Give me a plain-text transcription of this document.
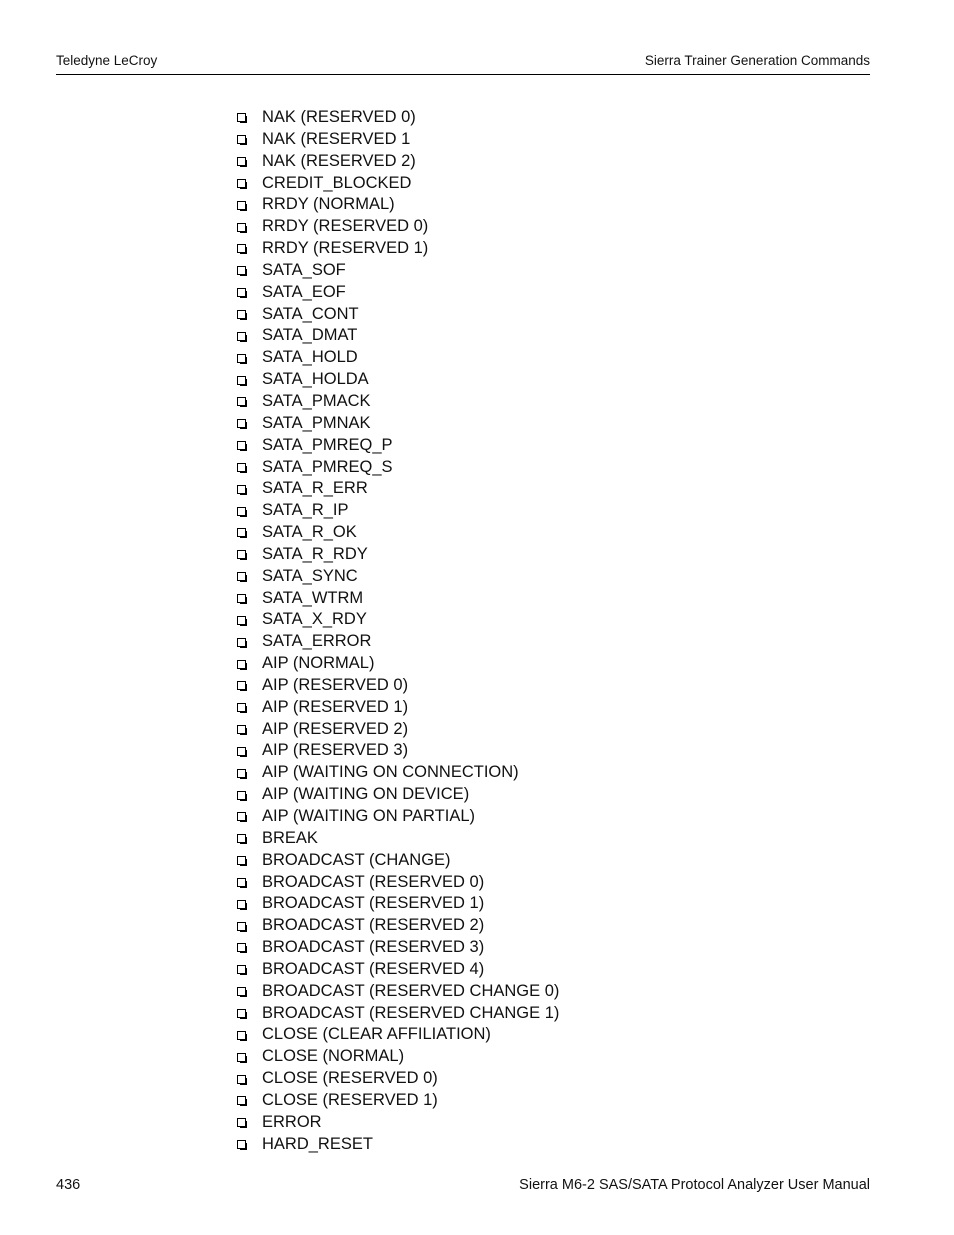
Teledyne LeCroy	Sierra Trainer Generation Commands
NAK (RESERVED 0)
NAK (RESERVED 1
NAK (RESERVED 2)
CREDIT_BLOCKED
RRDY (NORMAL)
RRDY (RESERVED 0)
RRDY (RESERVED 1)
SATA_SOF
SATA_EOF
SATA_CONT
SATA_DMAT
SATA_HOLD
SATA_HOLDA
SATA_PMACK
SATA_PMNAK
SATA_PMREQ_P
SATA_PMREQ_S
SATA_R_ERR
SATA_R_IP
SATA_R_OK
SATA_R_RDY
SATA_SYNC
SATA_WTRM
SATA_X_RDY
SATA_ERROR
AIP (NORMAL)
AIP (RESERVED 0)
AIP (RESERVED 1)
AIP (RESERVED 2)
AIP (RESERVED 3)
AIP (WAITING ON CONNECTION)
AIP (WAITING ON DEVICE)
AIP (WAITING ON PARTIAL)
BREAK
BROADCAST (CHANGE)
BROADCAST (RESERVED 0)
BROADCAST (RESERVED 1)
BROADCAST (RESERVED 2)
BROADCAST (RESERVED 3)
BROADCAST (RESERVED 4)
BROADCAST (RESERVED CHANGE 0)
BROADCAST (RESERVED CHANGE 1)
CLOSE (CLEAR AFFILIATION)
CLOSE (NORMAL)
CLOSE (RESERVED 0)
CLOSE (RESERVED 1)
ERROR
HARD_RESET
436	Sierra M6-2 SAS/SATA Protocol Analyzer User Manual
